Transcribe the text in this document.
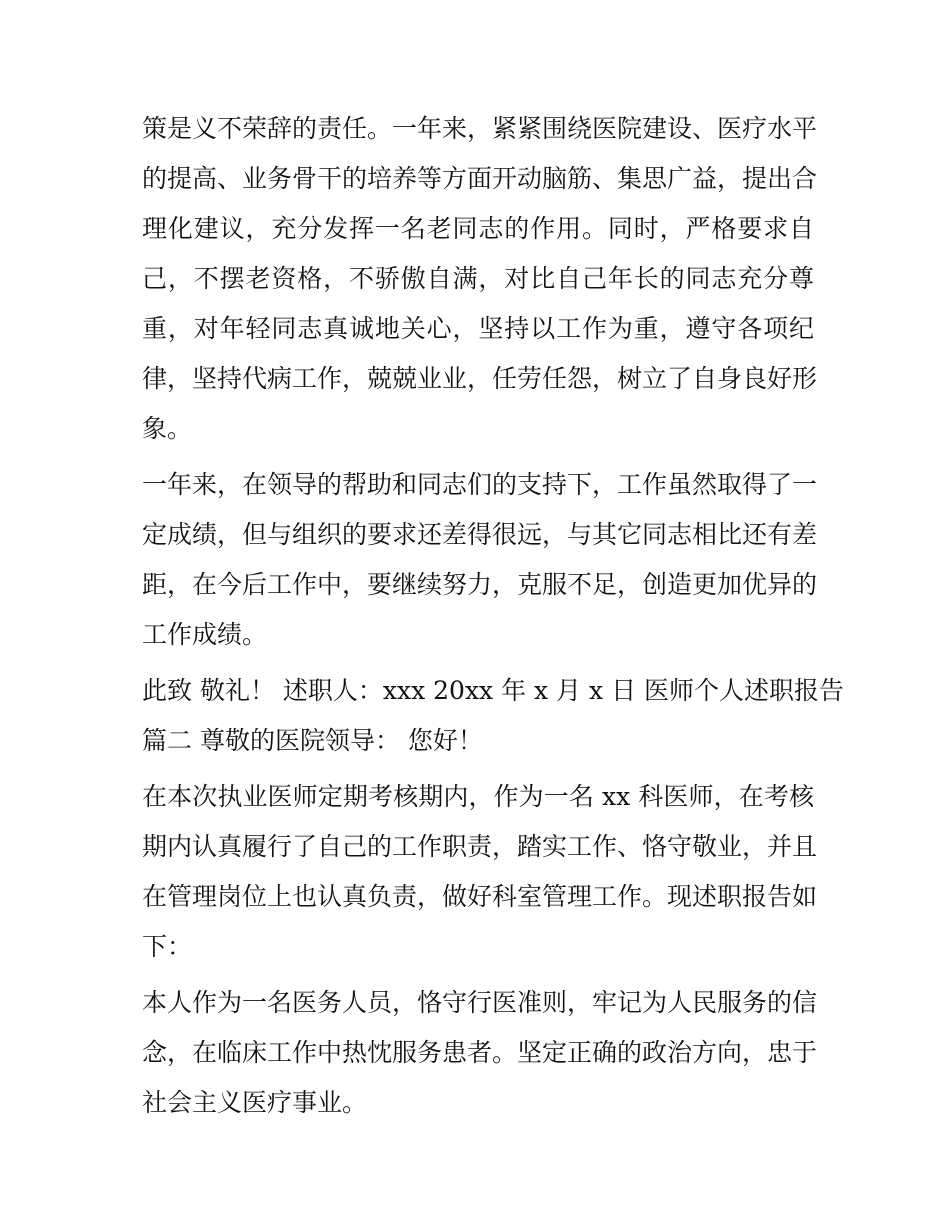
策是义不荣辞的责任。一年来，紧紧围绕医院建设、医疗水平
的提高、业务骨干的培养等方面开动脑筋、集思广益，提出合
理化建议，充分发挥一名老同志的作用。同时，严格要求自
己，不摆老资格，不骄傲自满，对比自己年长的同志充分尊
重，对年轻同志真诚地关心，坚持以工作为重，遵守各项纪
律，坚持代病工作，兢兢业业，任劳任怨，树立了自身良好形
象。
一年来，在领导的帮助和同志们的支持下，工作虽然取得了一
定成绩，但与组织的要求还差得很远，与其它同志相比还有差
距，在今后工作中，要继续努力，克服不足，创造更加优异的
工作成绩。
此致 敬礼！ 述职人：xxx 20xx 年 x 月 x 日 医师个人述职报告
篇二 尊敬的医院领导： 您好！
在本次执业医师定期考核期内，作为一名 xx 科医师，在考核
期内认真履行了自己的工作职责，踏实工作、恪守敬业，并且
在管理岗位上也认真负责，做好科室管理工作。现述职报告如
下：
本人作为一名医务人员，恪守行医准则，牢记为人民服务的信
念，在临床工作中热忱服务患者。坚定正确的政治方向，忠于
社会主义医疗事业。
